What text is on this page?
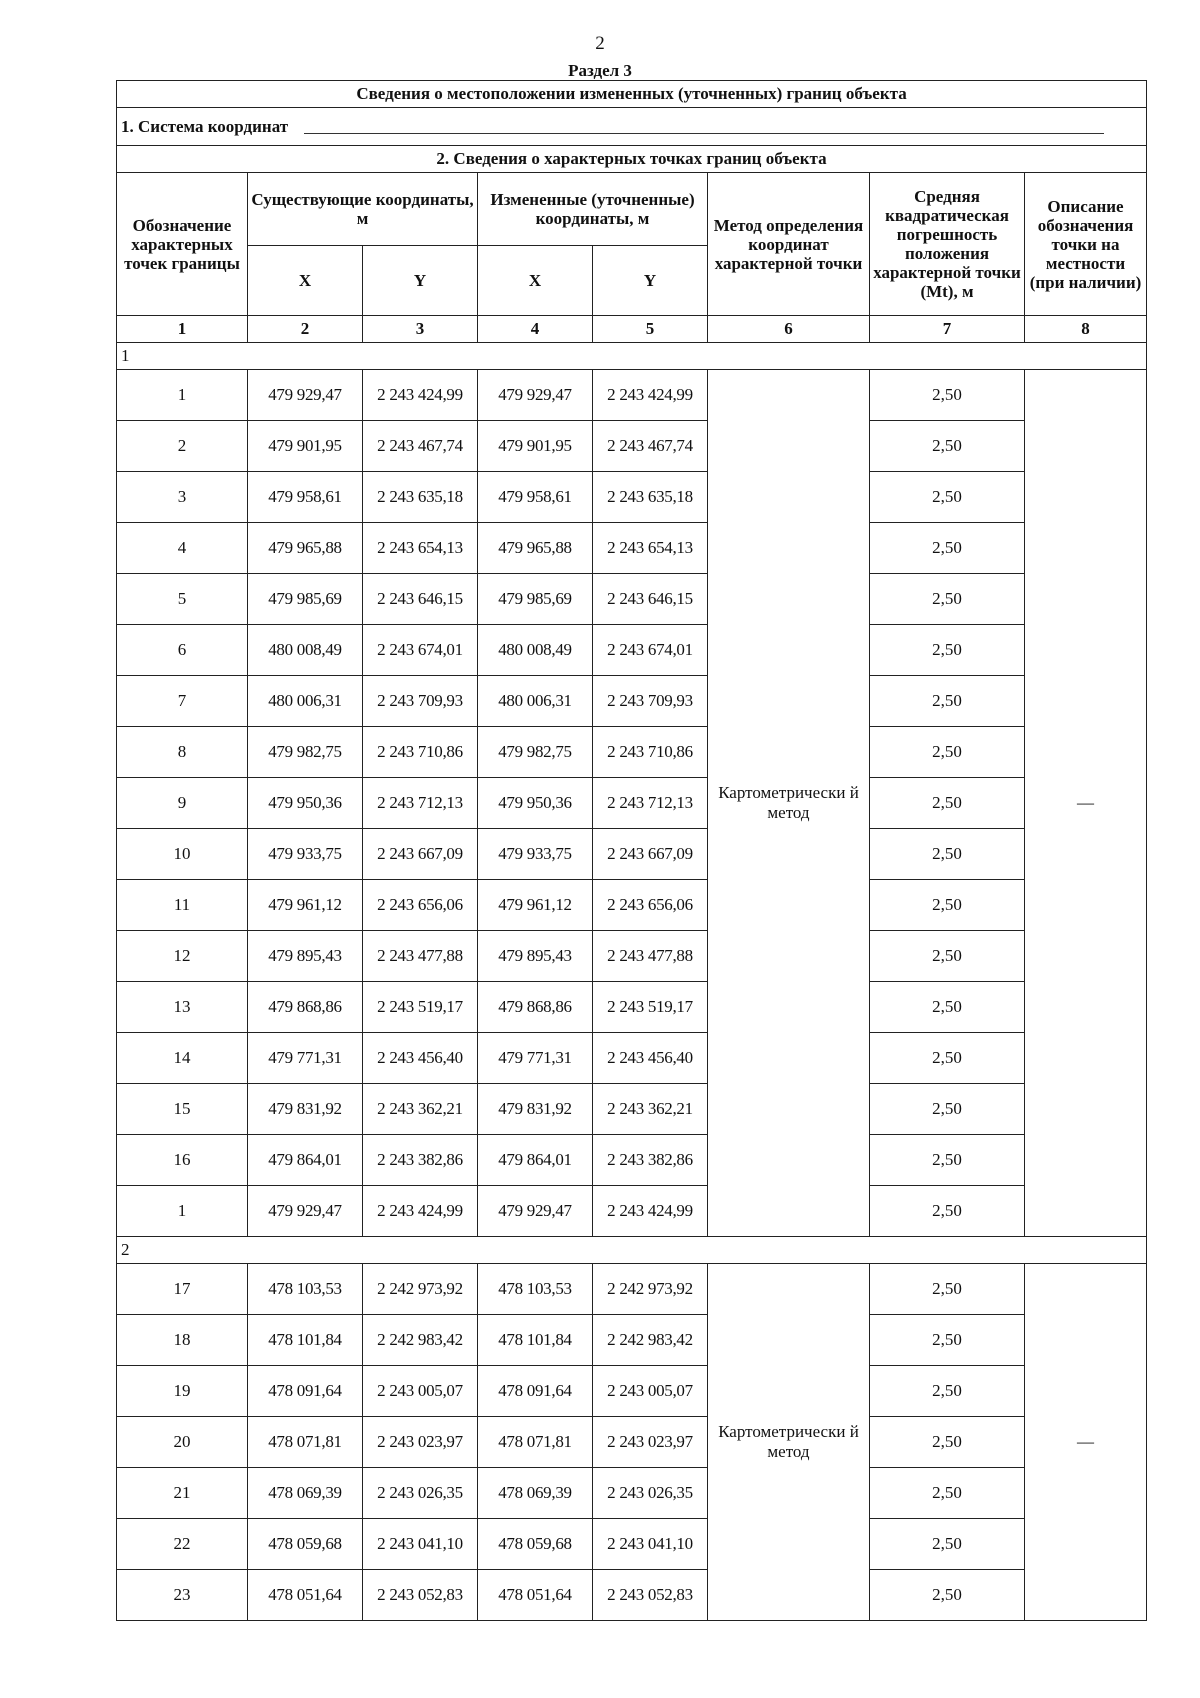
2
Раздел 3
Сведения о местоположении измененных (уточненных) границ объекта							
1. Система координат							
2. Сведения о характерных точках границ объекта							
Обозначение характерных точек границы	Существующие координаты, м		Измененные (уточненные) координаты, м		Метод определения координат характерной точки	Средняя квадратическая погрешность положения характерной точки (Mt), м	Описание обозначения точки на местности (при наличии)
	X	Y	X	Y			
1	2	3	4	5	6	7	8
1							
1	479 929,47	2 243 424,99	479 929,47	2 243 424,99	Картометрически й метод	2,50	—
2	479 901,95	2 243 467,74	479 901,95	2 243 467,74		2,50	
3	479 958,61	2 243 635,18	479 958,61	2 243 635,18		2,50	
4	479 965,88	2 243 654,13	479 965,88	2 243 654,13		2,50	
5	479 985,69	2 243 646,15	479 985,69	2 243 646,15		2,50	
6	480 008,49	2 243 674,01	480 008,49	2 243 674,01		2,50	
7	480 006,31	2 243 709,93	480 006,31	2 243 709,93		2,50	
8	479 982,75	2 243 710,86	479 982,75	2 243 710,86		2,50	
9	479 950,36	2 243 712,13	479 950,36	2 243 712,13		2,50	
10	479 933,75	2 243 667,09	479 933,75	2 243 667,09		2,50	
11	479 961,12	2 243 656,06	479 961,12	2 243 656,06		2,50	
12	479 895,43	2 243 477,88	479 895,43	2 243 477,88		2,50	
13	479 868,86	2 243 519,17	479 868,86	2 243 519,17		2,50	
14	479 771,31	2 243 456,40	479 771,31	2 243 456,40		2,50	
15	479 831,92	2 243 362,21	479 831,92	2 243 362,21		2,50	
16	479 864,01	2 243 382,86	479 864,01	2 243 382,86		2,50	
1	479 929,47	2 243 424,99	479 929,47	2 243 424,99		2,50	
2							
17	478 103,53	2 242 973,92	478 103,53	2 242 973,92	Картометрически й метод	2,50	—
18	478 101,84	2 242 983,42	478 101,84	2 242 983,42		2,50	
19	478 091,64	2 243 005,07	478 091,64	2 243 005,07		2,50	
20	478 071,81	2 243 023,97	478 071,81	2 243 023,97		2,50	
21	478 069,39	2 243 026,35	478 069,39	2 243 026,35		2,50	
22	478 059,68	2 243 041,10	478 059,68	2 243 041,10		2,50	
23	478 051,64	2 243 052,83	478 051,64	2 243 052,83		2,50	
